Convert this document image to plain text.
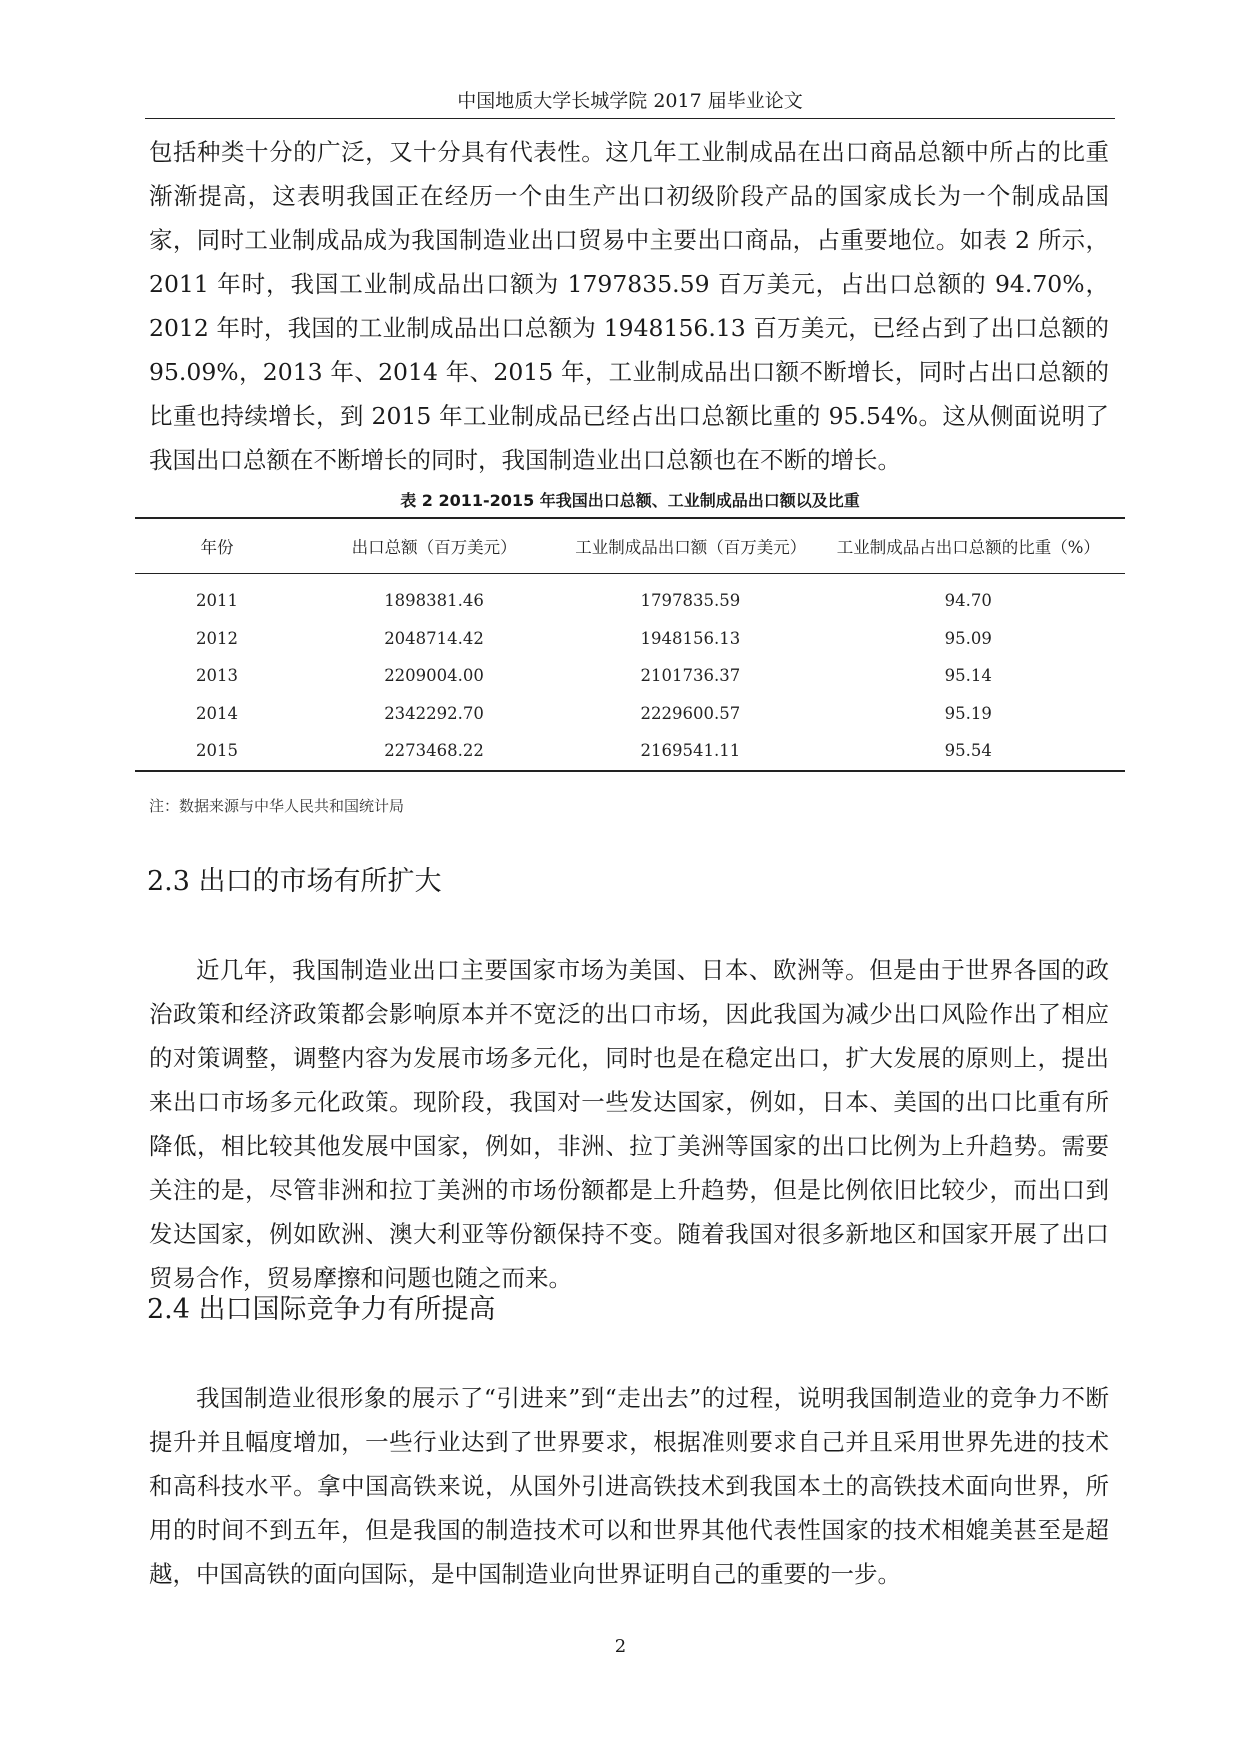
中国地质大学长城学院 2017 届毕业论文

包括种类十分的广泛，又十分具有代表性。这几年工业制成品在出口商品总额中所占的比重渐渐提高，这表明我国正在经历一个由生产出口初级阶段产品的国家成长为一个制成品国家，同时工业制成品成为我国制造业出口贸易中主要出口商品，占重要地位。如表 2 所示，2011 年时，我国工业制成品出口额为 1797835.59 百万美元，占出口总额的 94.70%，2012 年时，我国的工业制成品出口总额为 1948156.13 百万美元，已经占到了出口总额的 95.09%，2013 年、2014 年、2015 年，工业制成品出口额不断增长，同时占出口总额的比重也持续增长，到 2015 年工业制成品已经占出口总额比重的 95.54%。这从侧面说明了我国出口总额在不断增长的同时，我国制造业出口总额也在不断的增长。

表 2 2011-2015 年我国出口总额、工业制成品出口额以及比重
年份	出口总额（百万美元）	工业制成品出口额（百万美元）	工业制成品占出口总额的比重（%）
2011	1898381.46	1797835.59	94.70
2012	2048714.42	1948156.13	95.09
2013	2209004.00	2101736.37	95.14
2014	2342292.70	2229600.57	95.19
2015	2273468.22	2169541.11	95.54
注：数据来源与中华人民共和国统计局
2.3 出口的市场有所扩大

近几年，我国制造业出口主要国家市场为美国、日本、欧洲等。但是由于世界各国的政治政策和经济政策都会影响原本并不宽泛的出口市场，因此我国为减少出口风险作出了相应的对策调整，调整内容为发展市场多元化，同时也是在稳定出口，扩大发展的原则上，提出来出口市场多元化政策。现阶段，我国对一些发达国家，例如，日本、美国的出口比重有所降低，相比较其他发展中国家，例如，非洲、拉丁美洲等国家的出口比例为上升趋势。需要关注的是，尽管非洲和拉丁美洲的市场份额都是上升趋势，但是比例依旧比较少，而出口到发达国家，例如欧洲、澳大利亚等份额保持不变。随着我国对很多新地区和国家开展了出口贸易合作，贸易摩擦和问题也随之而来。

2.4 出口国际竞争力有所提高

我国制造业很形象的展示了“引进来”到“走出去”的过程，说明我国制造业的竞争力不断提升并且幅度增加，一些行业达到了世界要求，根据准则要求自己并且采用世界先进的技术和高科技水平。拿中国高铁来说，从国外引进高铁技术到我国本土的高铁技术面向世界，所用的时间不到五年，但是我国的制造技术可以和世界其他代表性国家的技术相媲美甚至是超越，中国高铁的面向国际，是中国制造业向世界证明自己的重要的一步。

2
